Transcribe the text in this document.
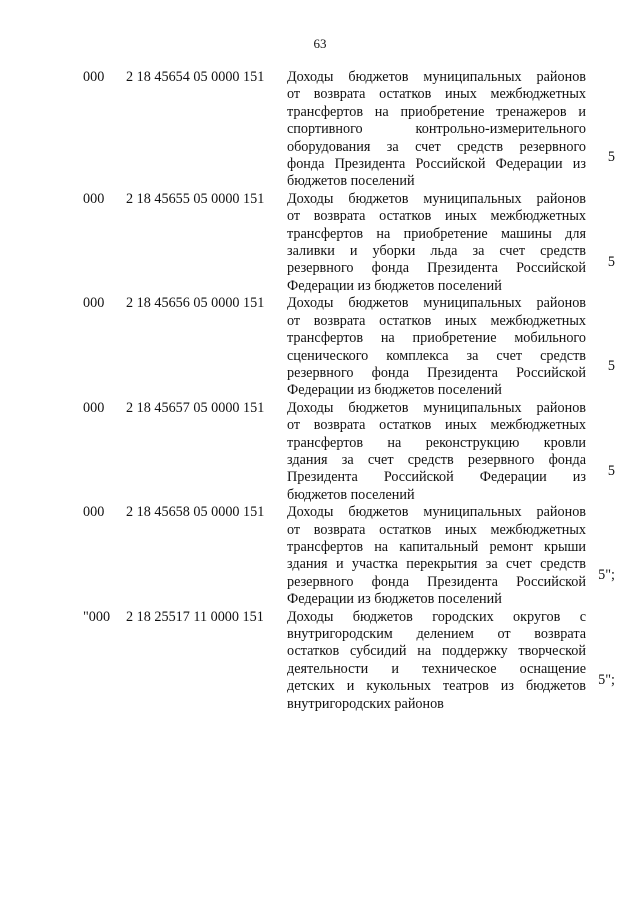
63
000 2 18 45654 05 0000 151 Доходы бюджетов муниципальных районов
от возврата остатков иных межбюджетных
трансфертов на приобретение тренажеров и
спортивного контрольно-измерительного
оборудования за счет средств резервного
фонда Президента Российской Федерации из
бюджетов поселений
5
000 2 18 45655 05 0000 151 Доходы бюджетов муниципальных районов
от возврата остатков иных межбюджетных
трансфертов на приобретение машины для
заливки и уборки льда за счет средств
резервного фонда Президента Российской
Федерации из бюджетов поселений
5
000 2 18 45656 05 0000 151 Доходы бюджетов муниципальных районов
от возврата остатков иных межбюджетных
трансфертов на приобретение мобильного
сценического комплекса за счет средств
резервного фонда Президента Российской
Федерации из бюджетов поселений
5
000 2 18 45657 05 0000 151 Доходы бюджетов муниципальных районов
от возврата остатков иных межбюджетных
трансфертов на реконструкцию кровли
здания за счет средств резервного фонда
Президента Российской Федерации из
бюджетов поселений
5
000 2 18 45658 05 0000 151 Доходы бюджетов муниципальных районов
от возврата остатков иных межбюджетных
трансфертов на капитальный ремонт крыши
здания и участка перекрытия за счет средств
резервного фонда Президента Российской
Федерации из бюджетов поселений
5";
"000 2 18 25517 11 0000 151 Доходы бюджетов городских округов с
внутригородским делением от возврата
остатков субсидий на поддержку творческой
деятельности и техническое оснащение
детских и кукольных театров из бюджетов
внутригородских районов
5";
